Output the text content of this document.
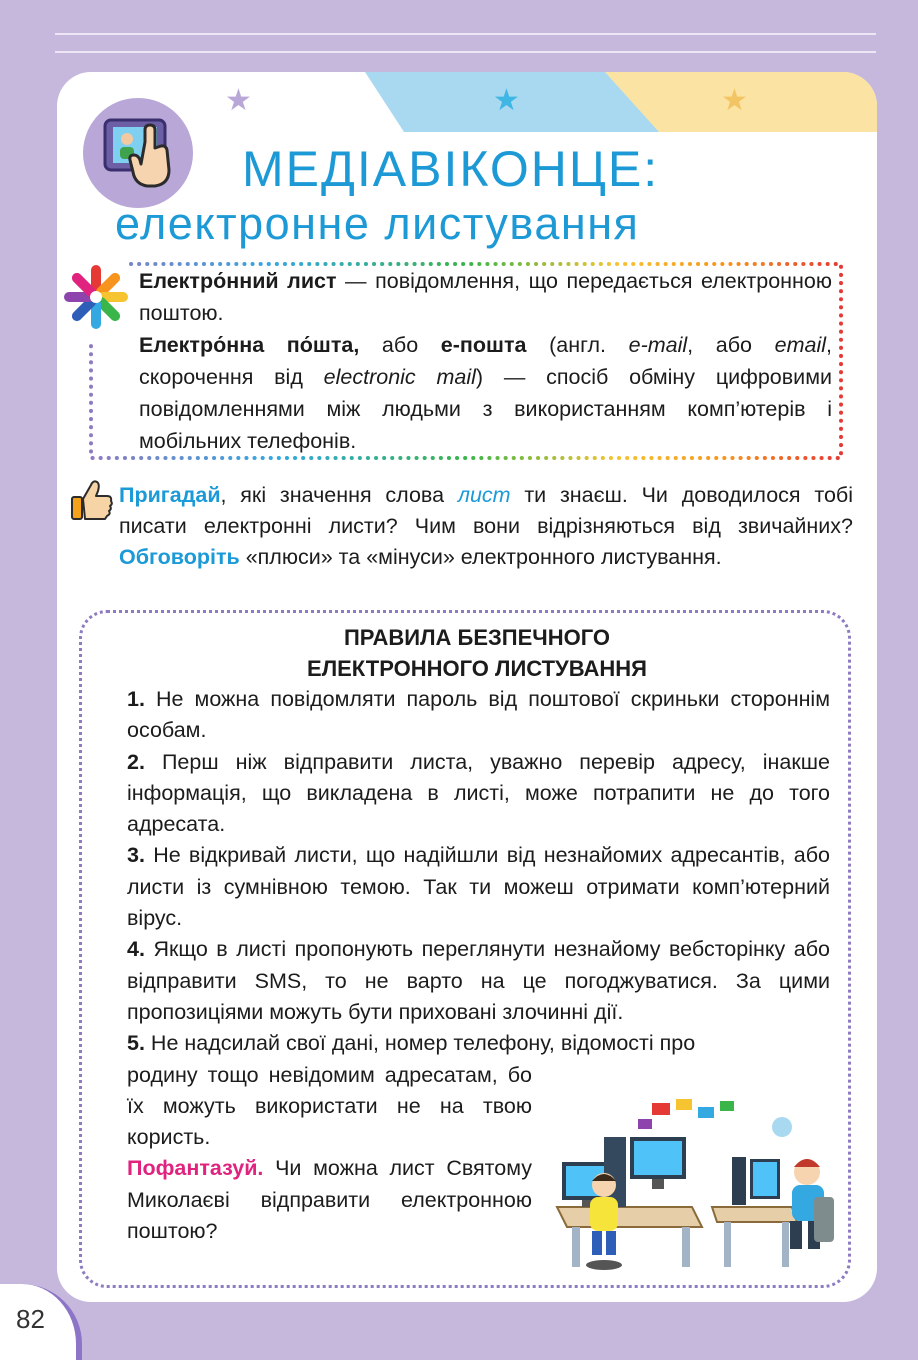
★	★	★
МЕДІАВІКОНЦЕ:
електронне листування

Електро́нний лист — повідомлення, що передається електронною поштою.

Електро́нна по́шта, або е-пошта (англ. e-mail, або email, скорочення від electronic mail) — спосіб обміну цифровими повідомленнями між людьми з використанням комп’ютерів і мобільних телефонів.

Пригадай, які значення слова лист ти знаєш. Чи доводилося тобі писати електронні листи? Чим вони відрізняються від звичайних? Обговоріть «плюси» та «мінуси» електронного листування.
ПРАВИЛА БЕЗПЕЧНОГО
ЕЛЕКТРОННОГО ЛИСТУВАННЯ

1. Не можна повідомляти пароль від поштової скриньки стороннім особам.

2. Перш ніж відправити листа, уважно перевір адресу, інакше інформація, що викладена в листі, може потрапити не до того адресата.

3. Не відкривай листи, що надійшли від незнайомих адресантів, або листи із сумнівною темою. Так ти можеш отримати комп’ютерний вірус.

4. Якщо в листі пропонують переглянути незнайому вебсторінку або відправити SMS, то не варто на це погоджуватися. За цими пропозиціями можуть бути приховані злочинні дії.

5. Не надсилай свої дані, номер телефону, відомості про

родину тощо невідомим адресатам, бо їх можуть використати не на твою користь.

Пофантазуй. Чи можна лист Святому Миколаєві відправити електронною поштою?

82
